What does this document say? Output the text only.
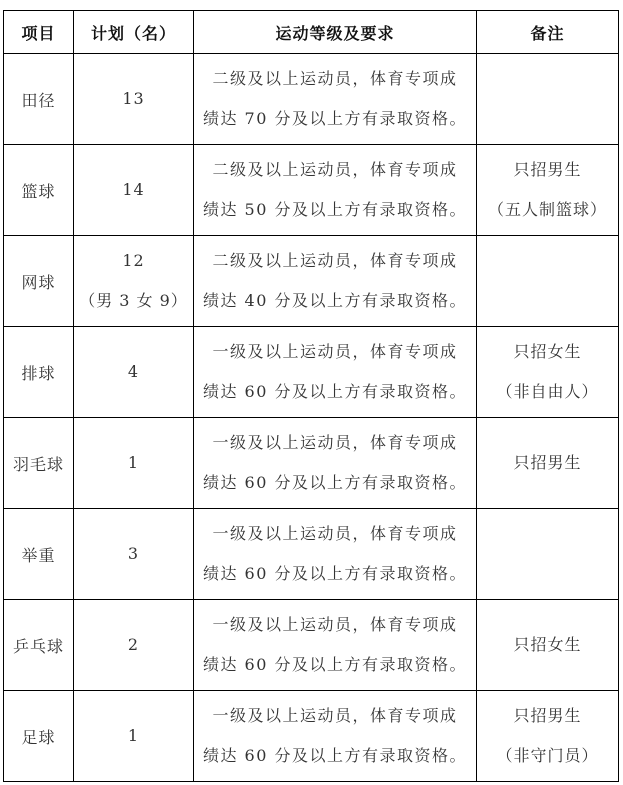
项目	计划（名）	运动等级及要求	备注
田径	13	二级及以上运动员，体育专项成
绩达 70 分及以上方有录取资格。	

篮球	14	二级及以上运动员，体育专项成
绩达 50 分及以上方有录取资格。	只招男生
（五人制篮球）

网球	12
（男 3 女 9）	二级及以上运动员，体育专项成
绩达 40 分及以上方有录取资格。	

排球	4	一级及以上运动员，体育专项成
绩达 60 分及以上方有录取资格。	只招女生
（非自由人）

羽毛球	1	一级及以上运动员，体育专项成
绩达 60 分及以上方有录取资格。	只招男生

举重	3	一级及以上运动员，体育专项成
绩达 60 分及以上方有录取资格。	

乒乓球	2	一级及以上运动员，体育专项成
绩达 60 分及以上方有录取资格。	只招女生

足球	1	一级及以上运动员，体育专项成
绩达 60 分及以上方有录取资格。	只招男生
（非守门员）
